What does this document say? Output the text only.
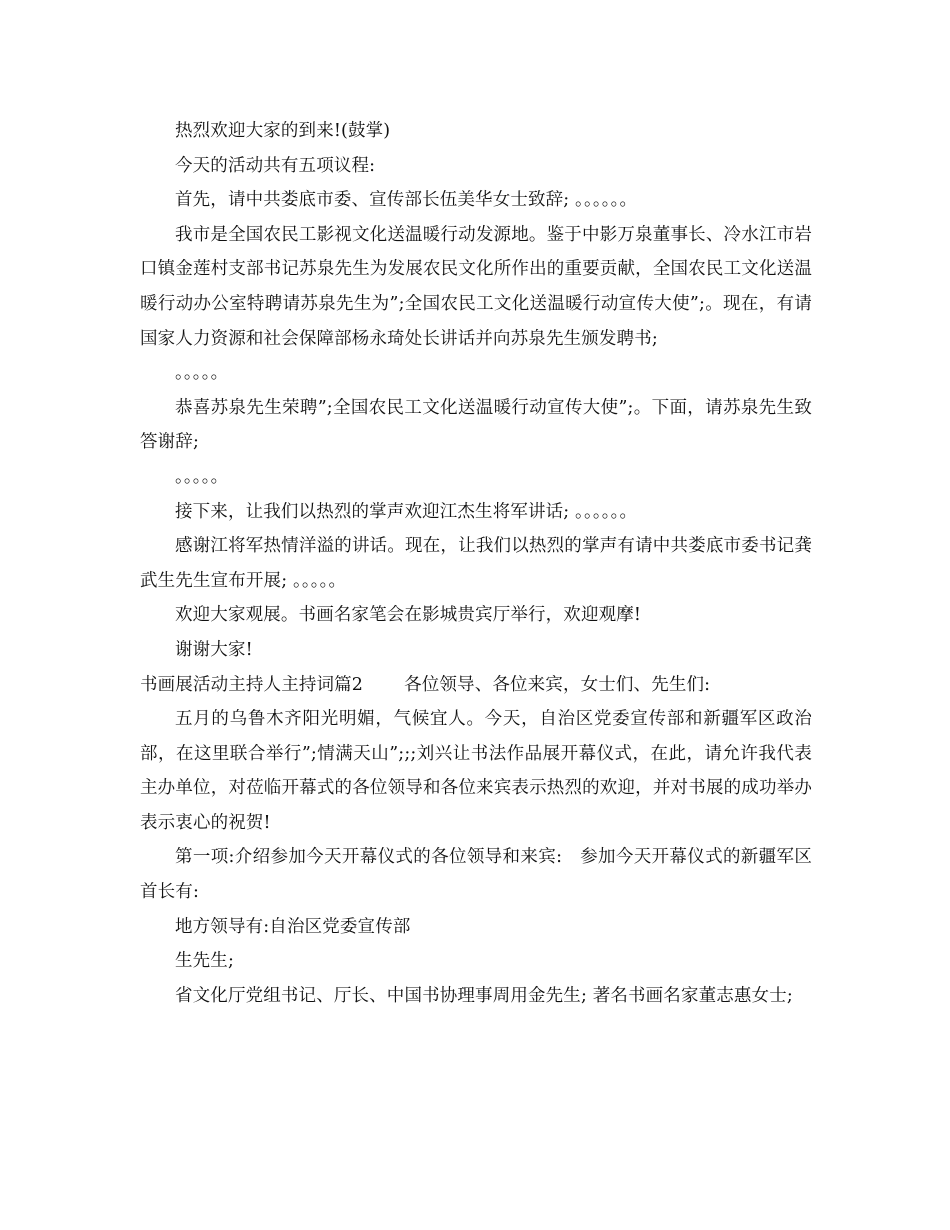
热烈欢迎大家的到来!(鼓掌)

今天的活动共有五项议程:

首先，请中共娄底市委、宣传部长伍美华女士致辞; 。。。。。。

我市是全国农民工影视文化送温暖行动发源地。鉴于中影万泉董事长、冷水江市岩口镇金莲村支部书记苏泉先生为发展农民文化所作出的重要贡献，全国农民工文化送温暖行动办公室特聘请苏泉先生为”;全国农民工文化送温暖行动宣传大使”;。现在，有请国家人力资源和社会保障部杨永琦处长讲话并向苏泉先生颁发聘书;

。。。。。

恭喜苏泉先生荣聘”;全国农民工文化送温暖行动宣传大使”;。下面，请苏泉先生致答谢辞;

。。。。。

接下来，让我们以热烈的掌声欢迎江杰生将军讲话; 。。。。。。

感谢江将军热情洋溢的讲话。现在，让我们以热烈的掌声有请中共娄底市委书记龚武生先生宣布开展; 。。。。。

欢迎大家观展。书画名家笔会在影城贵宾厅举行，欢迎观摩!

谢谢大家!

书画展活动主持人主持词篇2　　 各位领导、各位来宾，女士们、先生们:

五月的乌鲁木齐阳光明媚，气候宜人。今天，自治区党委宣传部和新疆军区政治部，在这里联合举行”;情满天山”;;;刘兴让书法作品展开幕仪式，在此，请允许我代表主办单位，对莅临开幕式的各位领导和各位来宾表示热烈的欢迎，并对书展的成功举办表示衷心的祝贺!

第一项:介绍参加今天开幕仪式的各位领导和来宾:　参加今天开幕仪式的新疆军区首长有:

地方领导有:自治区党委宣传部

生先生;

省文化厅党组书记、厅长、中国书协理事周用金先生; 著名书画名家董志惠女士;
